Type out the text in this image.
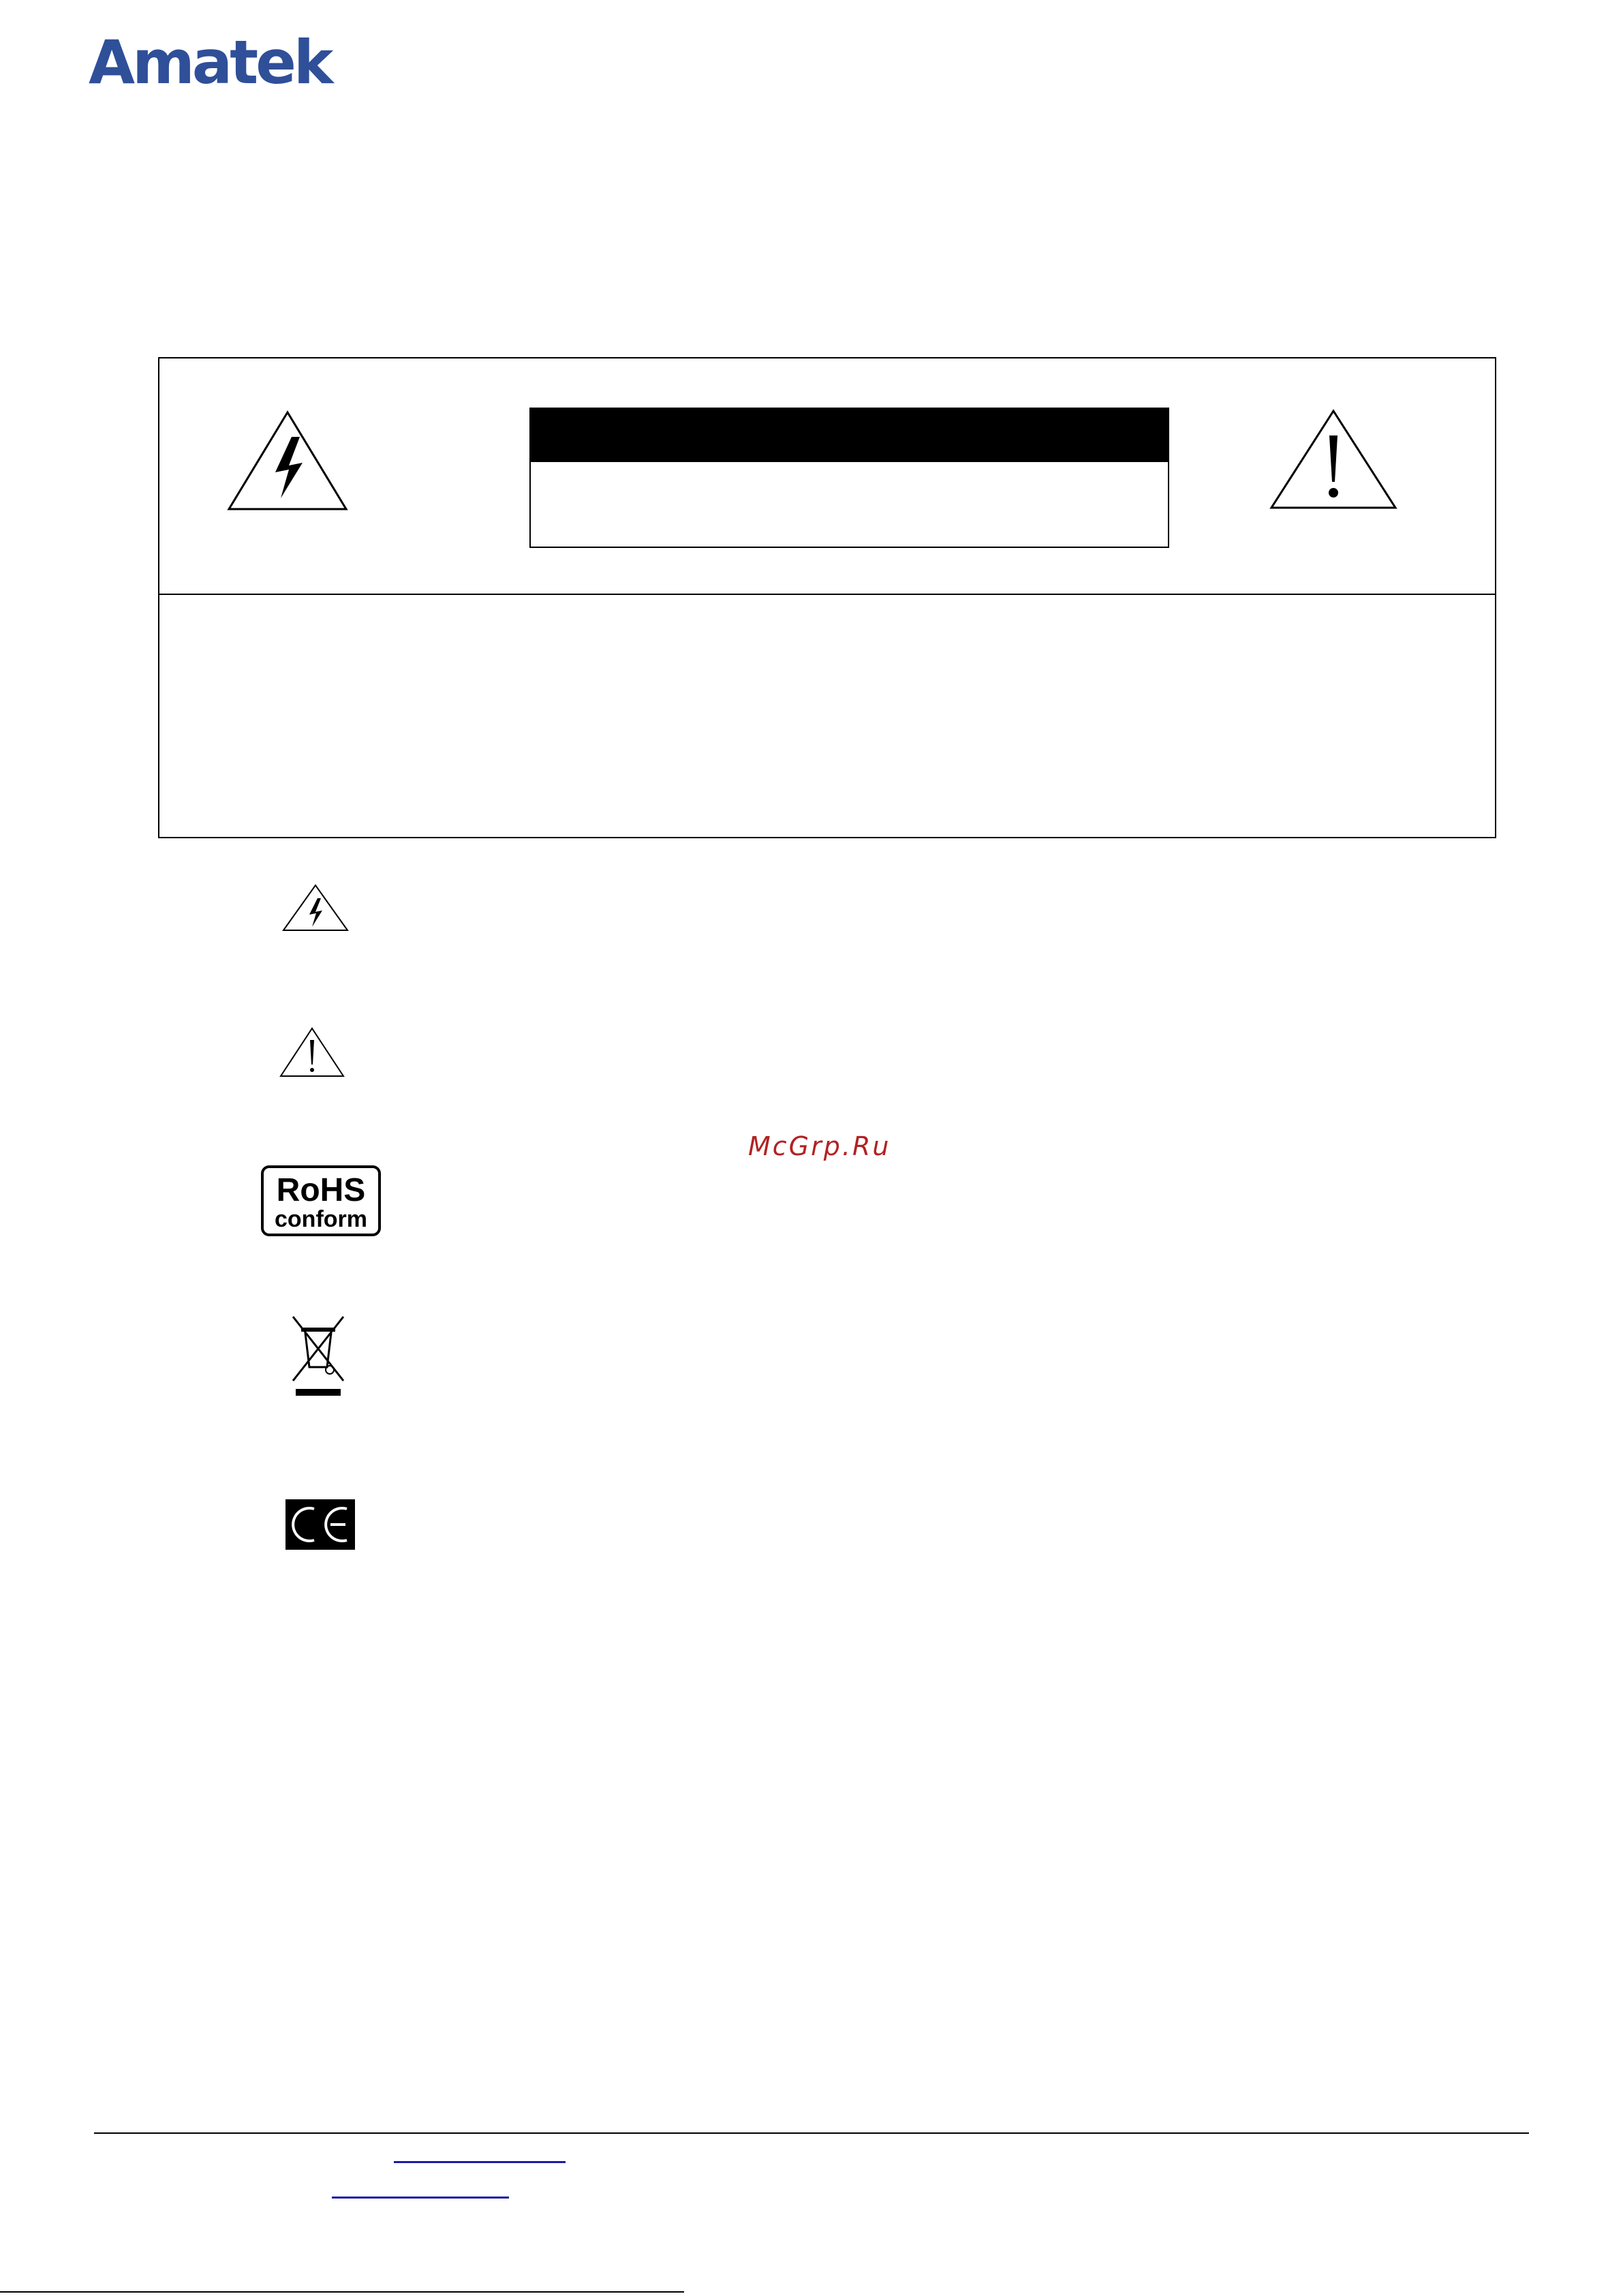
Amatek
RoHS
conform
McGrp.Ru
